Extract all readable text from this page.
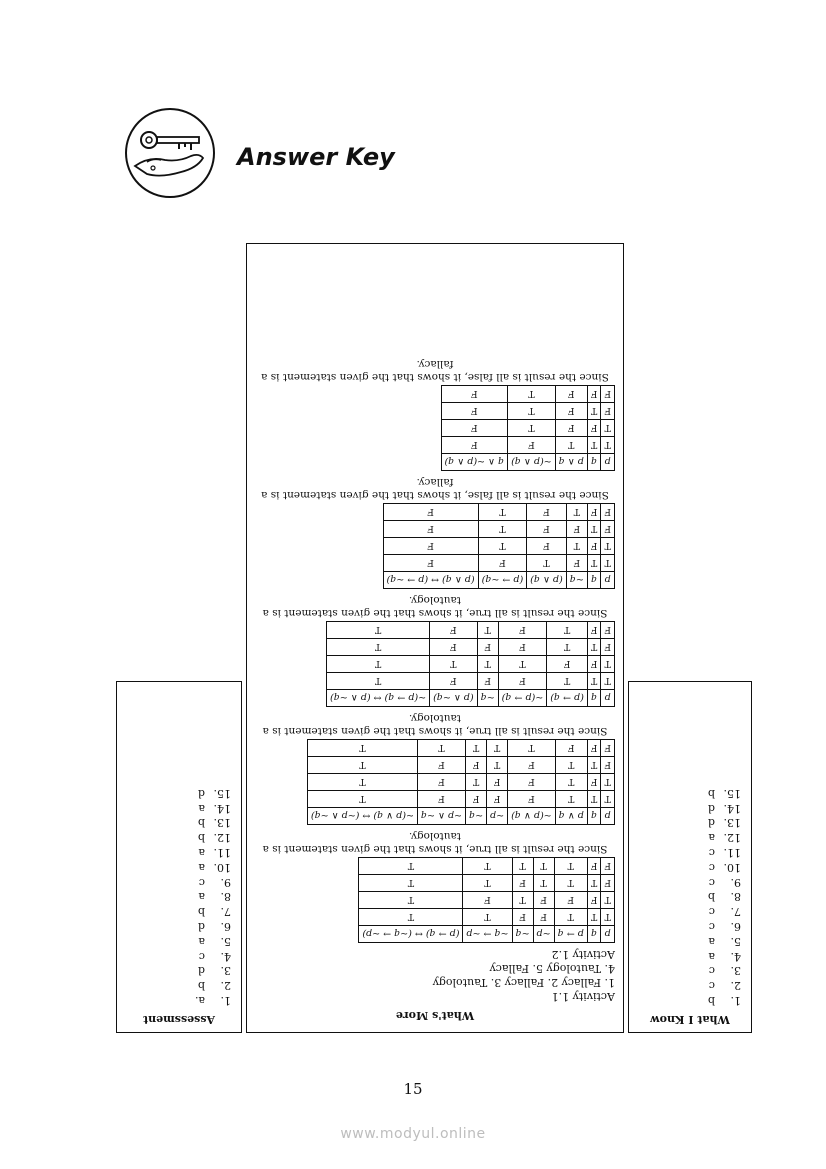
Answer Key
What I Know
1.b
2.c
3.c
4.a
5.a
6.c
7.c
8.b
9.c
10.c
11.c
12.a
13.d
14.d
15.b
What's More

Activity 1.1

1. Fallacy 2. Fallacy 3. Tautology

4. Tautology 5. Fallacy

Activity 1.2

p	q	p → q	~p	~q	~q → ~p	(p → q) ↔ (~q → ~p)
T	T	T	F	F	T	T
T	F	F	F	T	F	T
F	T	T	T	F	T	T
F	F	T	T	T	T	T

Since the result is all true, it shows that the given statement is a tautology.

p	q	p ∨ q	~(p ∨ q)	~p	~q	~p ∧ ~q	~(p ∨ q) ↔ (~p ∧ ~q)
T	T	T	F	F	F	F	T
T	F	T	F	F	T	F	T
F	T	T	F	T	F	F	T
F	F	F	T	T	T	T	T

Since the result is all true, it shows that the given statement is a tautology.

p	q	(p → q)	~(p → q)	~q	(p ∧ ~q)	~(p → q) ↔ (p ∧ ~q)
T	T	T	F	F	F	T
T	F	F	T	T	T	T
F	T	T	F	F	F	T
F	F	T	F	T	F	T

Since the result is all true, it shows that the given statement is a tautology.

p	q	~q	(p ∧ q)	(p → ~q)	(p ∧ q) ↔ (p → ~q)
T	T	F	T	F	F
T	F	T	F	T	F
F	T	F	F	T	F
F	F	T	F	T	F

Since the result is all false, it shows that the given statement is a fallacy.

p	q	p ∧ q	~(p ∧ q)	q ∧ ~(p ∧ q)
T	T	T	F	F
T	F	F	T	F
F	T	F	T	F
F	F	F	T	F

Since the result is all false, it shows that the given statement is a fallacy.

Assessment
1.a.
2.b
3.d
4.c
5.a
6.d
7.b
8.a
9.c
10.a
11.a
12.b
13.b
14.a
15.d

15

www.modyul.online
